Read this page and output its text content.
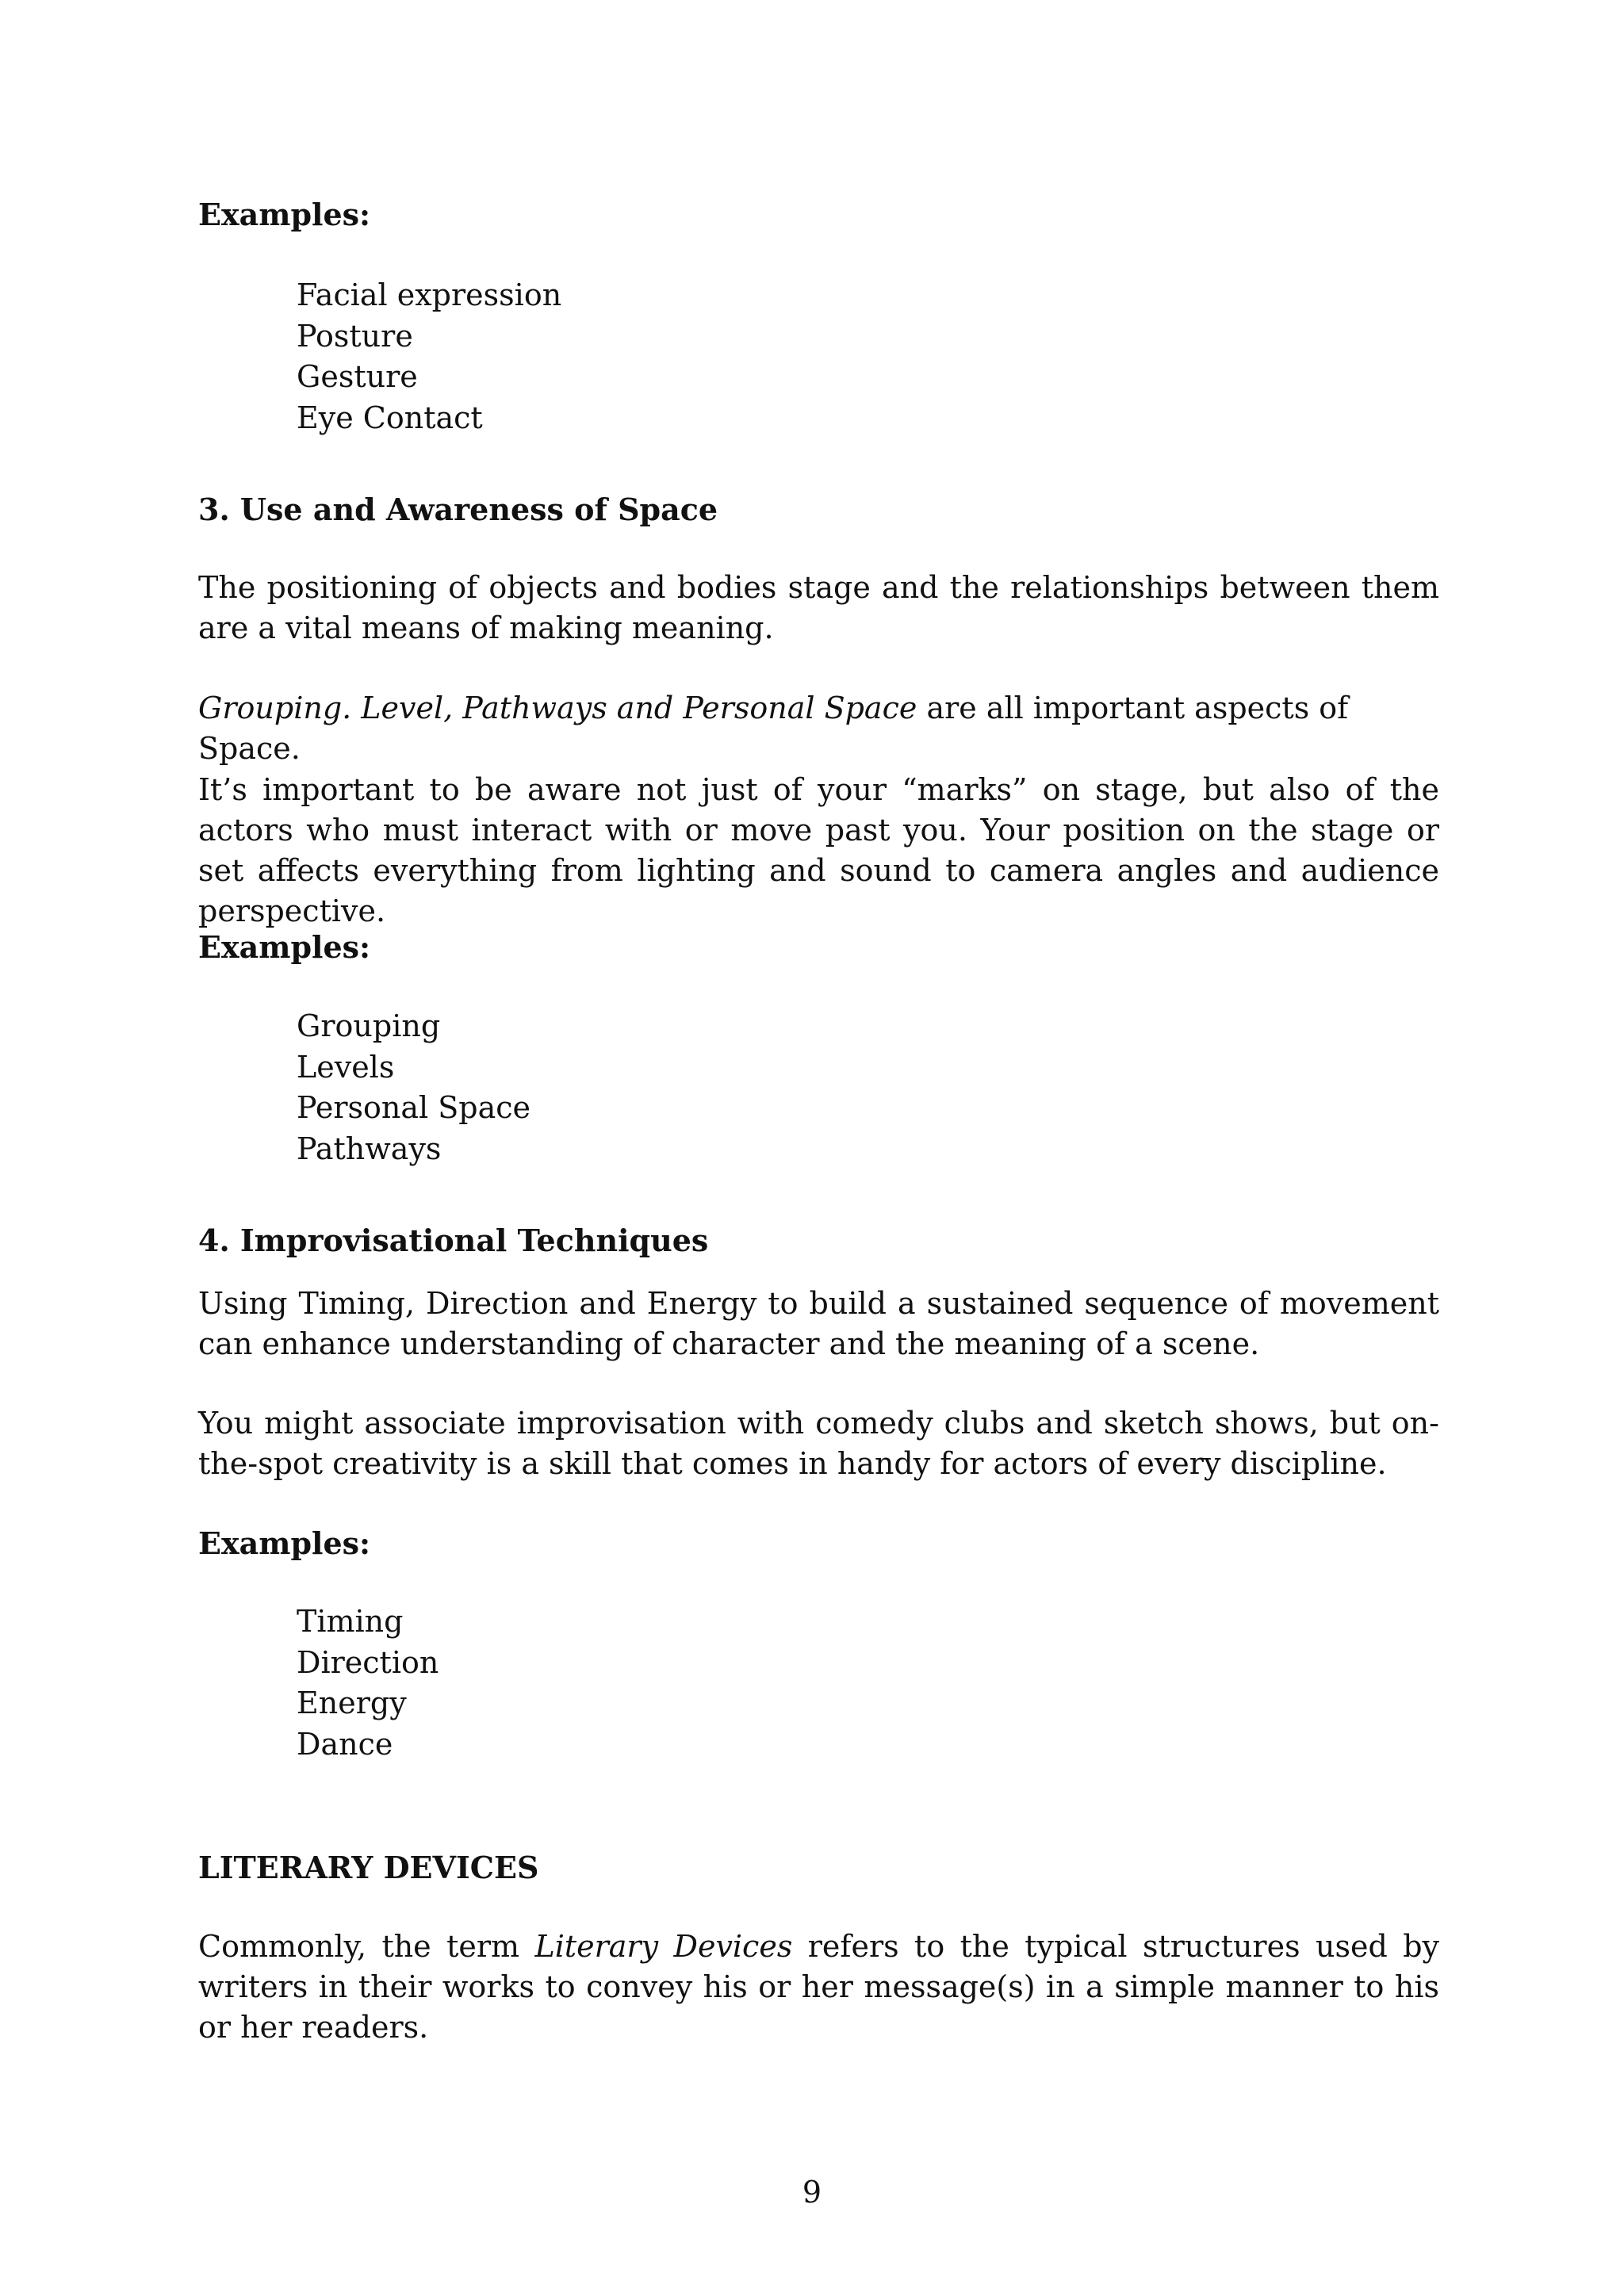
Examples:

Facial expression
Posture
Gesture
Eye Contact

3. Use and Awareness of Space

The positioning of objects and bodies stage and the relationships between them are a vital means of making meaning.

Grouping. Level, Pathways and Personal Space are all important aspects of Space.

It’s important to be aware not just of your “marks” on stage, but also of the actors who must interact with or move past you. Your position on the stage or set affects everything from lighting and sound to camera angles and audience perspective.

Examples:

Grouping
Levels
Personal Space
Pathways

4. Improvisational Techniques

Using Timing, Direction and Energy to build a sustained sequence of movement can enhance understanding of character and the meaning of a scene.

You might associate improvisation with comedy clubs and sketch shows, but on-the-spot creativity is a skill that comes in handy for actors of every discipline.

Examples:

Timing
Direction
Energy
Dance

LITERARY DEVICES

Commonly, the term Literary Devices refers to the typical structures used by writers in their works to convey his or her message(s) in a simple manner to his or her readers.

9
